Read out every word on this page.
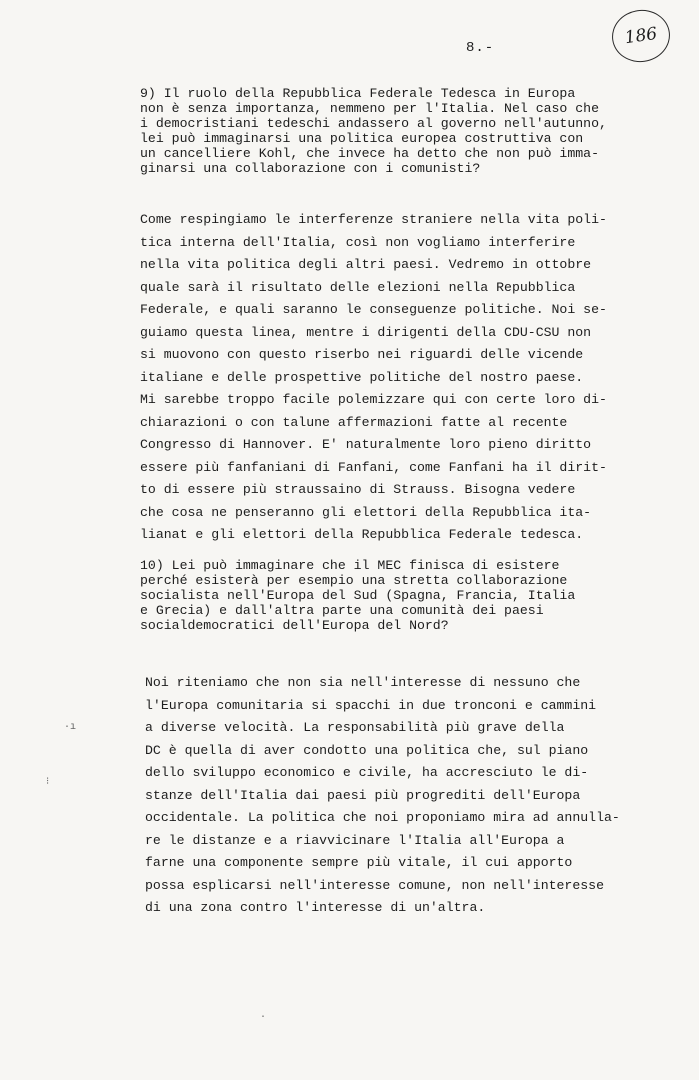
8.-	186
9) Il ruolo della Repubblica Federale Tedesca in Europa
non è senza importanza, nemmeno per l'Italia. Nel caso che
i democristiani tedeschi andassero al governo nell'autunno,
lei può immaginarsi una politica europea costruttiva con
un cancelliere Kohl, che invece ha detto che non può imma-
ginarsi una collaborazione con i comunisti?
Come respingiamo le interferenze straniere nella vita poli-
tica interna dell'Italia, così non vogliamo interferire
nella vita politica degli altri paesi. Vedremo in ottobre
quale sarà il risultato delle elezioni nella Repubblica
Federale, e quali saranno le conseguenze politiche. Noi se-
guiamo questa linea, mentre i dirigenti della CDU-CSU non
si muovono con questo riserbo nei riguardi delle vicende
italiane e delle prospettive politiche del nostro paese.
Mi sarebbe troppo facile polemizzare qui con certe loro di-
chiarazioni o con talune affermazioni fatte al recente
Congresso di Hannover. E' naturalmente loro pieno diritto
essere più fanfaniani di Fanfani, come Fanfani ha il dirit-
to di essere più straussaino di Strauss. Bisogna vedere
che cosa ne penseranno gli elettori della Repubblica ita-
lianat e gli elettori della Repubblica Federale tedesca.
10) Lei può immaginare che il MEC finisca di esistere
perché esisterà per esempio una stretta collaborazione
socialista nell'Europa del Sud (Spagna, Francia, Italia
e Grecia) e dall'altra parte una comunità dei paesi
socialdemocratici dell'Europa del Nord?
Noi riteniamo che non sia nell'interesse di nessuno che
l'Europa comunitaria si spacchi in due tronconi e cammini
a diverse velocità. La responsabilità più grave della
DC è quella di aver condotto una politica che, sul piano
dello sviluppo economico e civile, ha accresciuto le di-
stanze dell'Italia dai paesi più progrediti dell'Europa
occidentale. La politica che noi proponiamo mira ad annulla-
re le distanze e a riavvicinare l'Italia all'Europa a
farne una componente sempre più vitale, il cui apporto
possa esplicarsi nell'interesse comune, non nell'interesse
di una zona contro l'interesse di un'altra.
·ı
⁝
·
